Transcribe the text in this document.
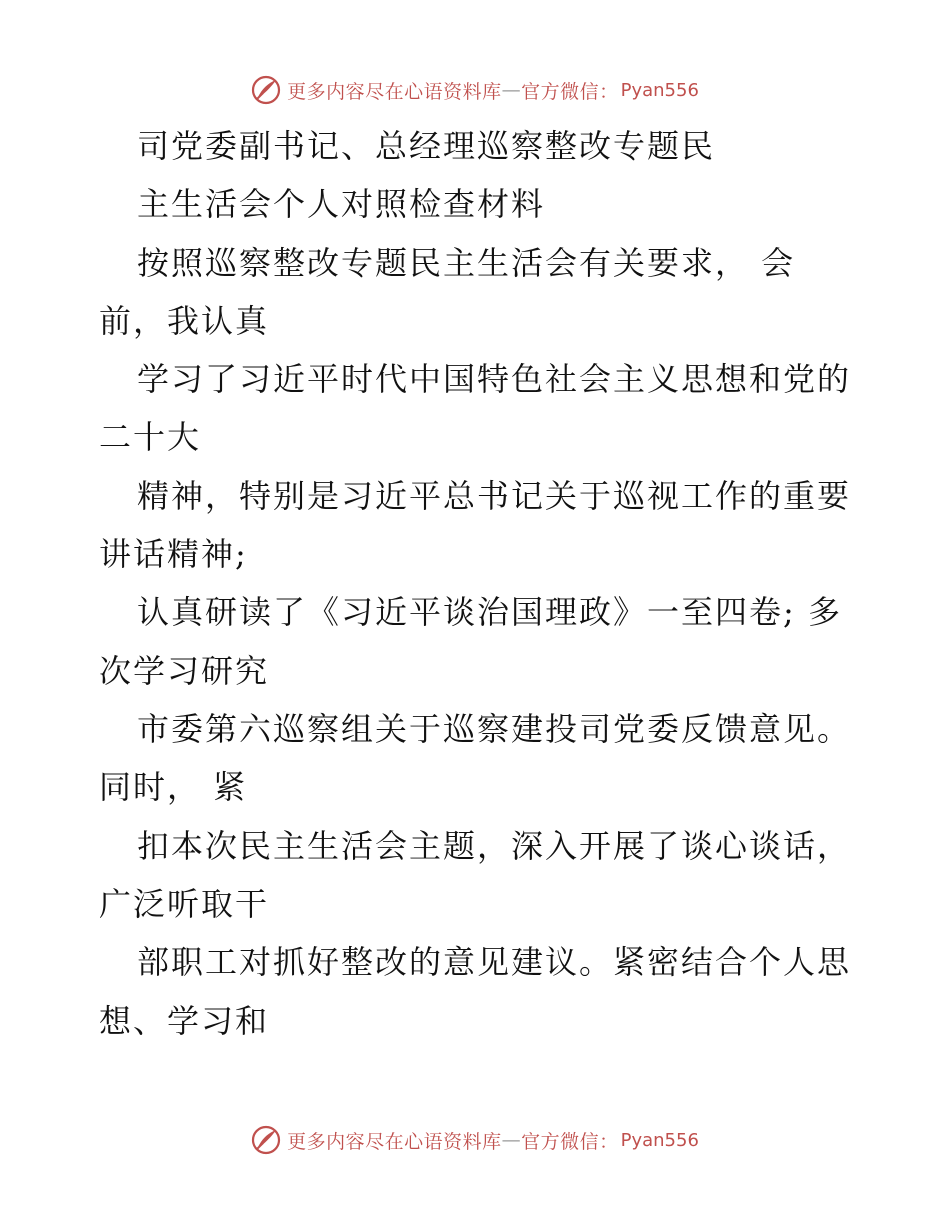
更多内容尽在心语资料库 — 官方微信： Pyan556
司党委副书记、总经理巡察整改专题民
主生活会个人对照检查材料
按照巡察整改专题民主生活会有关要求， 会
前，我认真
学习了习近平时代中国特色社会主义思想和党的
二十大
精神，特别是习近平总书记关于巡视工作的重要
讲话精神;
认真研读了《习近平谈治国理政》一至四卷; 多
次学习研究
市委第六巡察组关于巡察建投司党委反馈意见。
同时， 紧
扣本次民主生活会主题，深入开展了谈心谈话，
广泛听取干
部职工对抓好整改的意见建议。紧密结合个人思
想、学习和
更多内容尽在心语资料库 — 官方微信： Pyan556
